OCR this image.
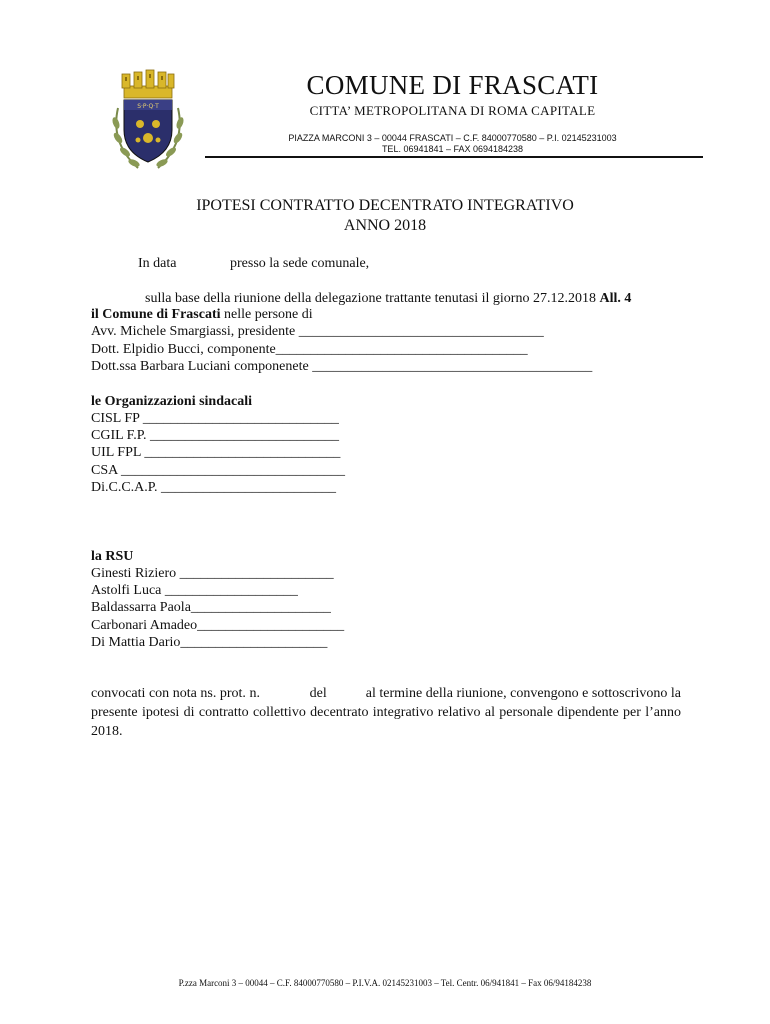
S·P·Q·T
COMUNE DI FRASCATI
CITTA’ METROPOLITANA DI ROMA CAPITALE
PIAZZA MARCONI 3 – 00044 FRASCATI – C.F. 84000770580 – P.I. 02145231003
TEL. 06941841 – FAX 0694184238
IPOTESI CONTRATTO DECENTRATO INTEGRATIVO
ANNO 2018
In data	presso la sede comunale,

sulla base della riunione della delegazione trattante tenutasi il giorno 27.12.2018 All. 4

il Comune di Frascati nelle persone di
Avv. Michele Smargiassi, presidente ___________________________________
Dott. Elpidio Bucci, componente____________________________________
Dott.ssa Barbara Luciani componenete ________________________________________
le Organizzazioni sindacali
CISL FP ____________________________
CGIL F.P. ___________________________
UIL FPL ____________________________
CSA ________________________________
Di.C.C.A.P. _________________________
la RSU
Ginesti Riziero ______________________
Astolfi Luca ___________________
Baldassarra Paola____________________
Carbonari Amadeo_____________________
Di Mattia Dario_____________________
convocati con nota ns. prot. n.              del           al termine della riunione, convengono e sottoscrivono la presente ipotesi di contratto collettivo decentrato integrativo relativo al personale dipendente per l’anno 2018.
P.zza Marconi 3 – 00044 – C.F. 84000770580 – P.I.V.A. 02145231003 – Tel. Centr. 06/941841 – Fax 06/94184238
